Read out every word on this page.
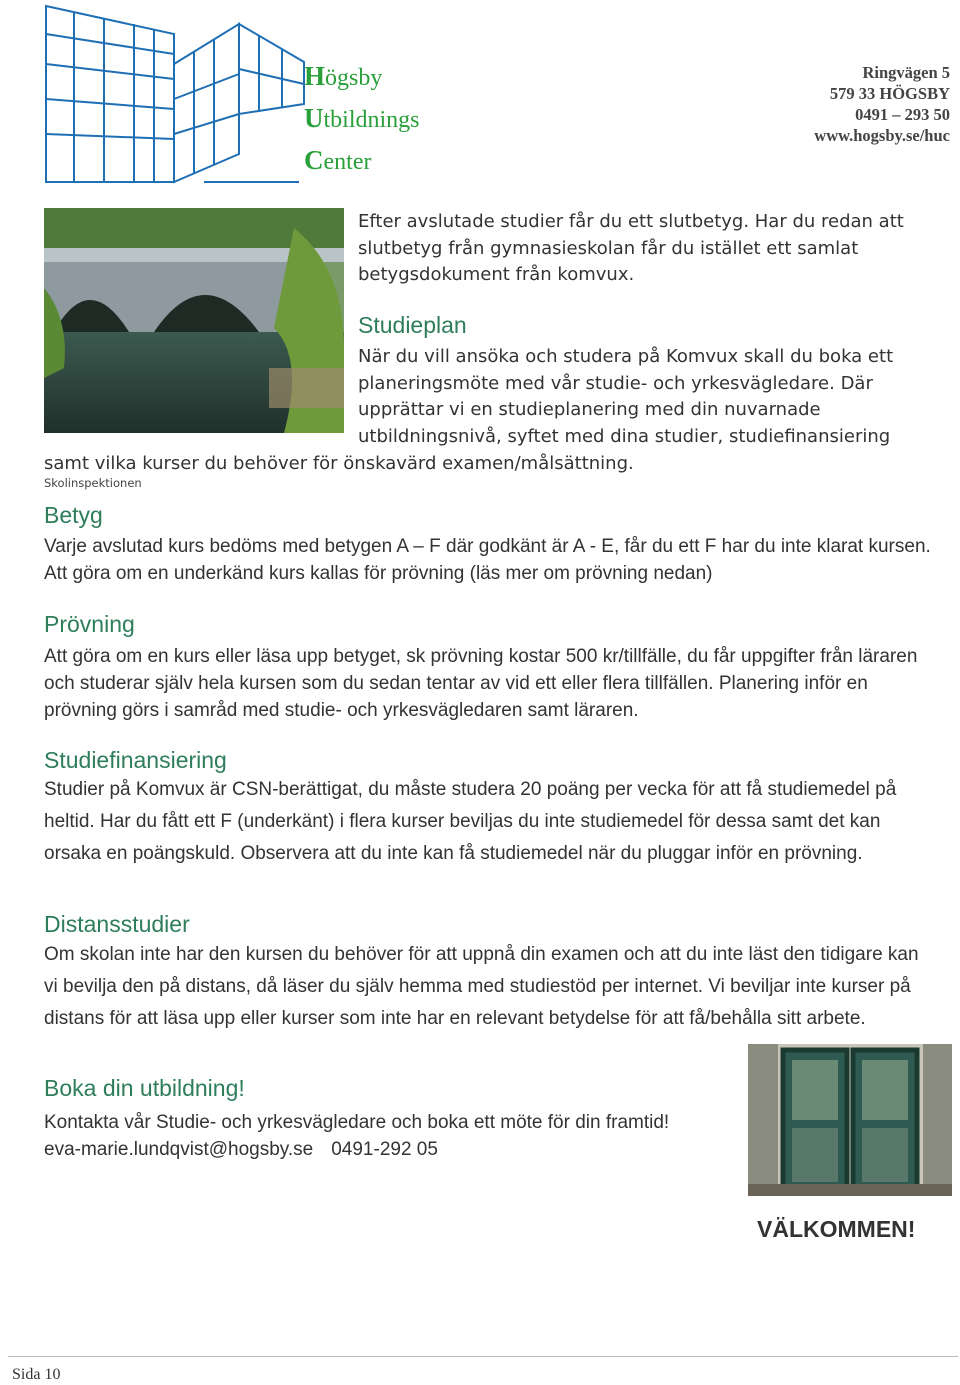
Högsby
Utbildnings
Center
Ringvägen 5
579 33 HÖGSBY
0491 – 293 50
www.hogsby.se/huc
Efter avslutade studier får du ett slutbetyg. Har du redan att slutbetyg från gymnasieskolan får du istället ett samlat betygsdokument från komvux.
Studieplan
När du vill ansöka och studera på Komvux skall du boka ett planeringsmöte med vår studie- och yrkesvägledare. Där upprättar vi en studieplanering med din nuvarnade utbildningsnivå, syftet med dina studier, studiefinansiering
samt vilka kurser du behöver för önskavärd examen/målsättning.
Skolinspektionen
Betyg
Varje avslutad kurs bedöms med betygen A – F där godkänt är A - E, får du ett F har du inte klarat kursen. Att göra om en underkänd kurs kallas för prövning (läs mer om prövning nedan)
Prövning
Att göra om en kurs eller läsa upp betyget, sk prövning kostar 500 kr/tillfälle, du får uppgifter från läraren och studerar själv hela kursen som du sedan tentar av vid ett eller flera tillfällen. Planering inför en prövning görs i samråd med studie- och yrkesvägledaren samt läraren.
Studiefinansiering
Studier på Komvux är CSN-berättigat, du måste studera 20 poäng per vecka för att få studiemedel på heltid. Har du fått ett F (underkänt) i flera kurser beviljas du inte studiemedel för dessa samt det kan orsaka en poängskuld. Observera att du inte kan få studiemedel när du pluggar inför en prövning.
Distansstudier
Om skolan inte har den kursen du behöver för att uppnå din examen och att du inte läst den tidigare kan vi bevilja den på distans, då läser du själv hemma med studiestöd per internet. Vi beviljar inte kurser på distans för att läsa upp eller kurser som inte har en relevant betydelse för att få/behålla sitt arbete.
Boka din utbildning!
Kontakta vår Studie- och yrkesvägledare och boka ett möte för din framtid!
eva-marie.lundqvist@hogsby.se 0491-292 05
VÄLKOMMEN!
Sida 10
